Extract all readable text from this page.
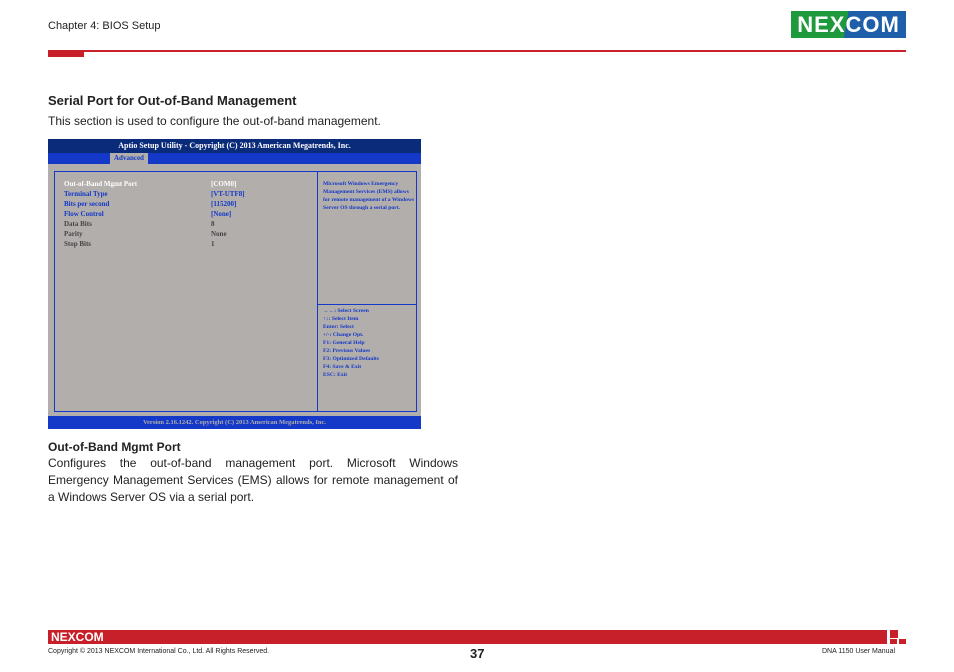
Chapter 4: BIOS Setup	NEXCOM
Serial Port for Out-of-Band Management
This section is used to configure the out-of-band management.
Aptio Setup Utility - Copyright (C) 2013 American Megatrends, Inc.
Advanced
Out-of-Band Mgmt Port	[COM0]
Terminal Type	[VT-UTF8]
Bits per second	[115200]
Flow Control	[None]
Data Bits	8
Parity	None
Stop Bits	1
Microsoft Windows Emergency Management Services (EMS) allows for remote management of a Windows Server OS through a serial port.
→←: Select Screen
↑↓: Select Item
Enter: Select
+/-: Change Opt.
F1: General Help
F2: Previous Values
F3: Optimized Defaults
F4: Save & Exit
ESC: Exit
Version 2.16.1242. Copyright (C) 2013 American Megatrends, Inc.
Out-of-Band Mgmt Port
Configures the out-of-band management port. Microsoft Windows Emergency Management Services (EMS) allows for remote management of a Windows Server OS via a serial port.
NEXCOM
Copyright © 2013 NEXCOM International Co., Ltd. All Rights Reserved.	37	DNA 1150 User Manual
